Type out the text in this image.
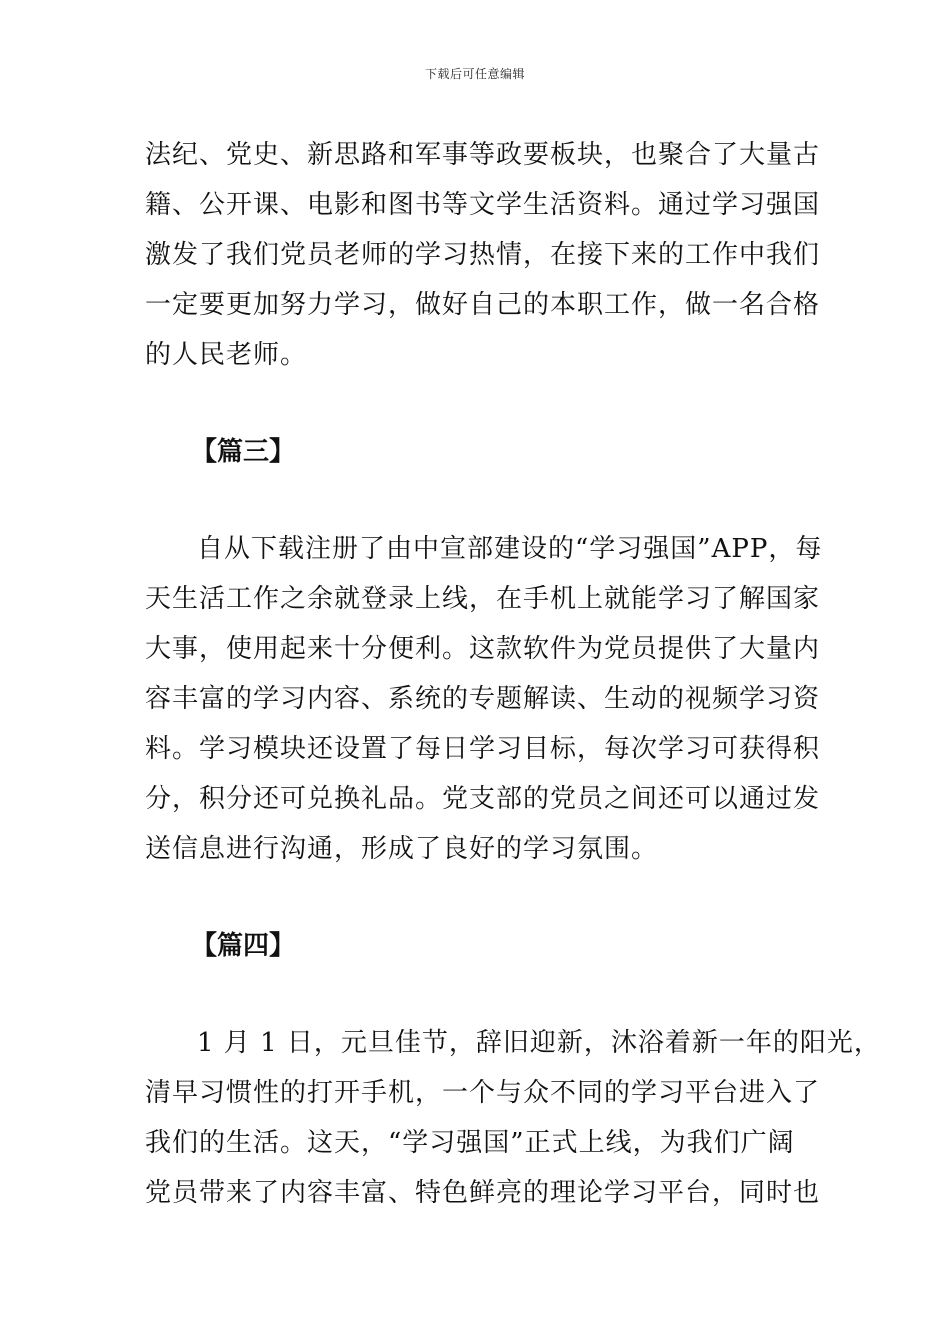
下载后可任意编辑
法纪、党史、新思路和军事等政要板块，也聚合了大量古
籍、公开课、电影和图书等文学生活资料。通过学习强国
激发了我们党员老师的学习热情，在接下来的工作中我们
一定要更加努力学习，做好自己的本职工作，做一名合格
的人民老师。
【篇三】
自从下载注册了由中宣部建设的“学习强国”APP，每
天生活工作之余就登录上线，在手机上就能学习了解国家
大事，使用起来十分便利。这款软件为党员提供了大量内
容丰富的学习内容、系统的专题解读、生动的视频学习资
料。学习模块还设置了每日学习目标，每次学习可获得积
分，积分还可兑换礼品。党支部的党员之间还可以通过发
送信息进行沟通，形成了良好的学习氛围。
【篇四】
1 月 1 日，元旦佳节，辞旧迎新，沐浴着新一年的阳光，
清早习惯性的打开手机，一个与众不同的学习平台进入了
我们的生活。这天，“学习强国”正式上线，为我们广阔
党员带来了内容丰富、特色鲜亮的理论学习平台，同时也
